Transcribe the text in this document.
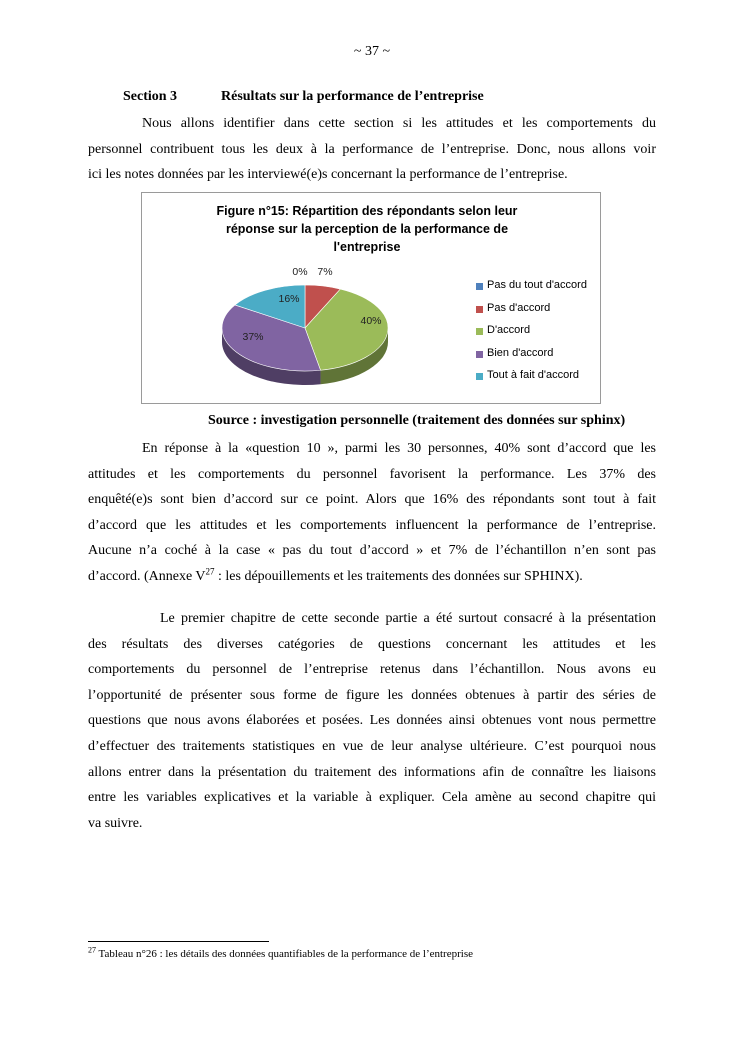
~ 37 ~
Section 3	Résultats sur la performance de l’entreprise
Nous allons identifier dans cette section si les attitudes et les comportements du
personnel contribuent tous les deux à la performance de l’entreprise. Donc, nous allons voir
ici les notes données par les interviewé(e)s concernant la performance de l’entreprise.
0% 7%
40%
37%
16%
Figure n°15: Répartition des répondants selon leur
réponse sur la perception de la performance de
l'entreprise
Pas du tout d'accord
Pas d'accord
D'accord
Bien d'accord
Tout à fait d'accord
Source : investigation personnelle (traitement des données sur sphinx)
En réponse à la «question 10 », parmi les 30 personnes, 40% sont d’accord que les
attitudes et les comportements du personnel favorisent la performance. Les 37% des
enquêté(e)s sont bien d’accord sur ce point. Alors que 16% des répondants sont tout à fait
d’accord que les attitudes et les comportements influencent la performance de l’entreprise.
Aucune n’a coché à la case « pas du tout d’accord » et 7% de l’échantillon n’en sont pas
d’accord. (Annexe $V^{27}$ : les dépouillements et les traitements des données sur SPHINX).
Le premier chapitre de cette seconde partie a été surtout consacré à la présentation
des résultats des diverses catégories de questions concernant les attitudes et les
comportements du personnel de l’entreprise retenus dans l’échantillon. Nous avons eu
l’opportunité de présenter sous forme de figure les données obtenues à partir des séries de
questions que nous avons élaborées et posées. Les données ainsi obtenues vont nous permettre
d’effectuer des traitements statistiques en vue de leur analyse ultérieure. C’est pourquoi nous
allons entrer dans la présentation du traitement des informations afin de connaître les liaisons
entre les variables explicatives et la variable à expliquer. Cela amène au second chapitre qui
va suivre.
$^{27}$ Tableau n°26 : les détails des données quantifiables de la performance de l’entreprise
